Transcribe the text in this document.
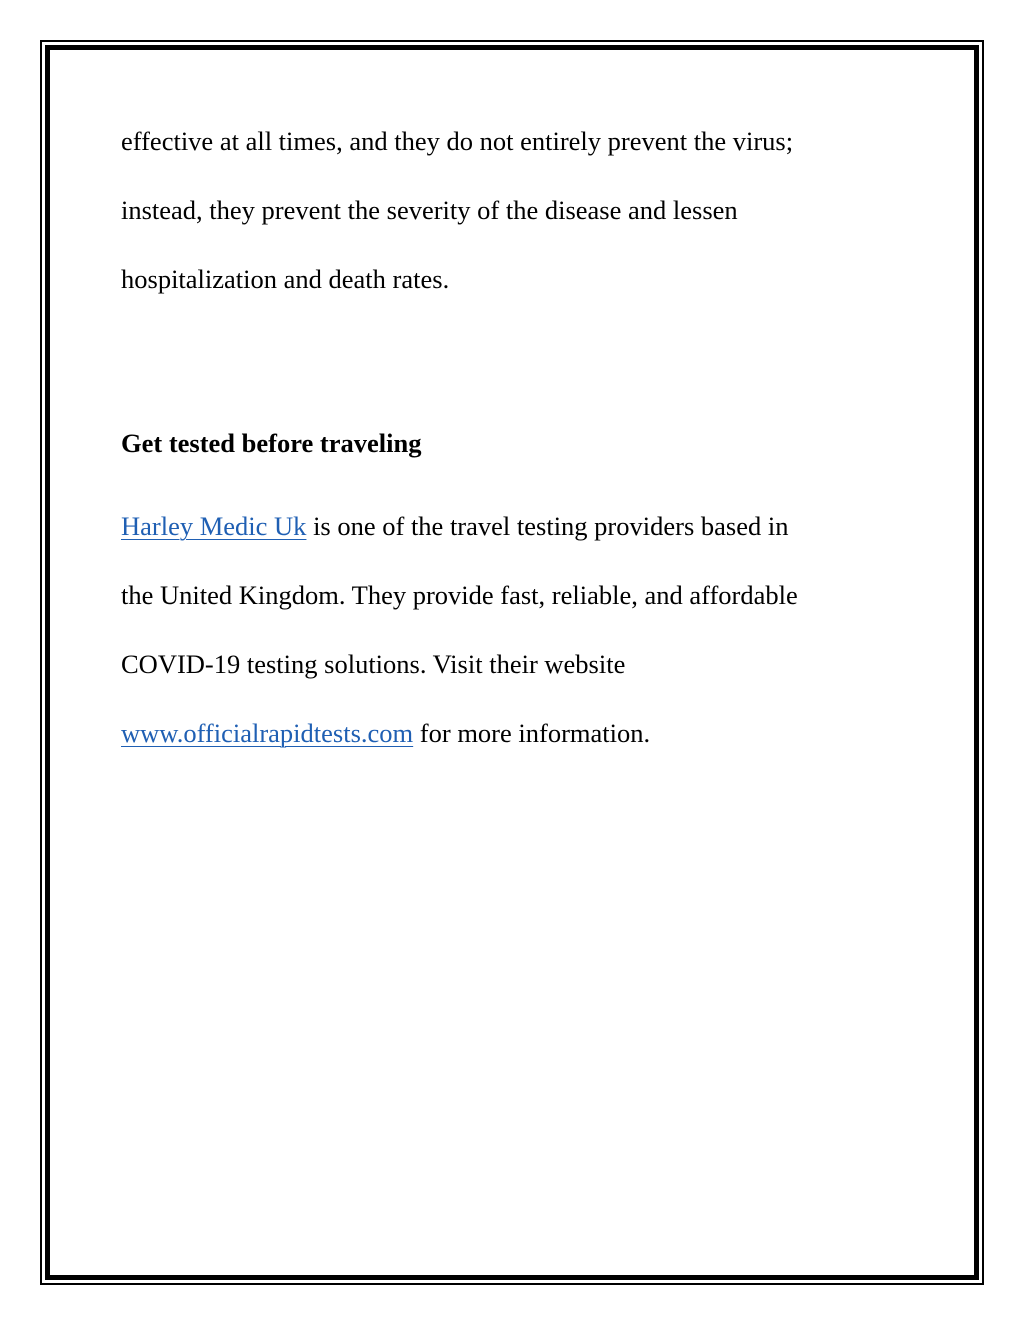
effective at all times, and they do not entirely prevent the virus;
instead, they prevent the severity of the disease and lessen
hospitalization and death rates.
Get tested before traveling
Harley Medic Uk is one of the travel testing providers based in
the United Kingdom. They provide fast, reliable, and affordable
COVID-19 testing solutions. Visit their website
www.officialrapidtests.com for more information.
